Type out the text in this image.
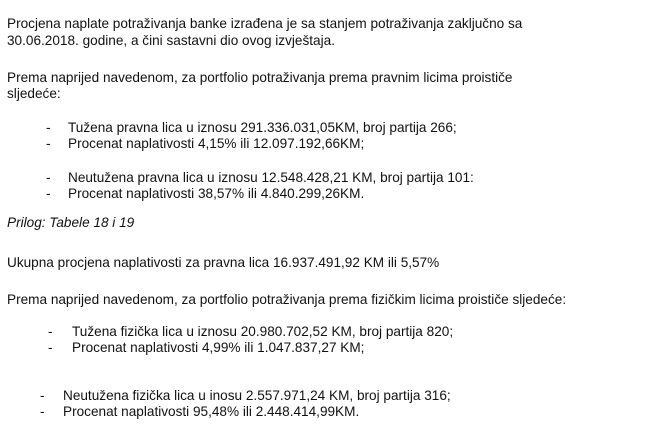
Procjena naplate potraživanja banke izrađena je sa stanjem potraživanja zaključno sa
30.06.2018. godine, a čini sastavni dio ovog izvještaja.
Prema naprijed navedenom, za portfolio potraživanja prema pravnim licima proističe
sljedeće:
- Tužena pravna lica u iznosu 291.336.031,05KM, broj partija 266;
- Procenat naplativosti 4,15% ili 12.097.192,66KM;
- Neutužena pravna lica u iznosu 12.548.428,21 KM, broj partija 101:
- Procenat naplativosti 38,57% ili 4.840.299,26KM.
Prilog: Tabele 18 i 19
Ukupna procjena naplativosti za pravna lica 16.937.491,92 KM ili 5,57%
Prema naprijed navedenom, za portfolio potraživanja prema fizičkim licima proističe sljedeće:
- Tužena fizička lica u iznosu 20.980.702,52 KM, broj partija 820;
- Procenat naplativosti 4,99% ili 1.047.837,27 KM;
- Neutužena fizička lica u inosu 2.557.971,24 KM, broj partija 316;
- Procenat naplativosti 95,48% ili 2.448.414,99KM.
